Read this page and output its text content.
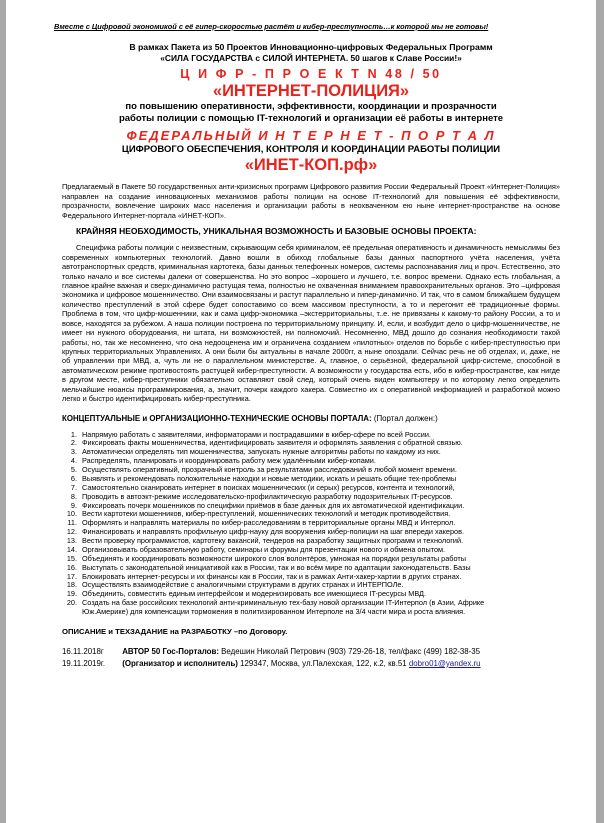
Вместе с Цифровой экономикой с её гипер-скоростью растёт и кибер-преступность…к которой мы не готовы!
В рамках Пакета из 50 Проектов Инновационно-цифровых Федеральных Программ
«СИЛА ГОСУДАРСТВА с СИЛОЙ ИНТЕРНЕТА. 50 шагов к Славе России!»
Ц И Ф Р - П Р О Е К Т N 48 / 50
«ИНТЕРНЕТ-ПОЛИЦИЯ»
по повышению оперативности, эффективности, координации и прозрачности
работы полиции с помощью IT-технологий и организации её работы в интернете
ФЕДЕРАЛЬНЫЙ И Н Т Е Р Н Е Т - П О Р Т А Л
ЦИФРОВОГО ОБЕСПЕЧЕНИЯ, КОНТРОЛЯ И КООРДИНАЦИИ РАБОТЫ ПОЛИЦИИ
«ИНЕТ-КОП.рф»
Предлагаемый в Пакете 50 государственных анти-кризисных программ Цифрового развития России Федеральный Проект «Интернет-Полиция» направлен на создание инновационных механизмов работы полиции на основе IT-технологий для повышения её эффективности, прозрачности, вовлечение широких масс населения и организации работы в неохваченном ею ныне интернет-пространстве на основе Федерального Интернет-портала «ИНЕТ-КОП».
КРАЙНЯЯ НЕОБХОДИМОСТЬ, УНИКАЛЬНАЯ ВОЗМОЖНОСТЬ И БАЗОВЫЕ ОСНОВЫ ПРОЕКТА:
Специфика работы полиции с неизвестным, скрывающим себя криминалом, её предельная оперативность и динамичность немыслимы без современных компьютерных технологий. Давно вошли в обиход глобальные базы данных паспортного учёта населения, учёта автотранспортных средств, криминальная картотека, базы данных телефонных номеров, системы распознавания лиц и проч. Естественно, это только начало и все системы далеки от совершенства. Но это вопрос –хорошего и лучшего, т.е. вопрос времени. Однако есть глобальная, а главное крайне важная и сверх-динамично растущая тема, полностью не охваченная вниманием правоохранительных органов. Это –цифровая экономика и цифровое мошенничество. Они взаимосвязаны и растут параллельно и гипер-динамично. И так, что в самом ближайшем будущем количество преступлений в этой сфере будет сопоставимо со всем массивом преступности, а то и перегонит её традиционные формы. Проблема в том, что цифр-мошенники, как и сама цифр-экономика –экстерриториальны, т..е. не привязаны к какому-то району России, а то и вовсе, находятся за рубежом. А наша полиции построена по территориальному принципу. И, если, и возбудит дело о цифр-мошенничестве, не имеет ни нужного оборудования, ни штата, ни возможностей, ни полномочий. Несомненно, МВД дошло до сознания необходимости такой работы, но, так же несомненно, что она недооценена им и ограничена созданием «пилотных» отделов по борьбе с кибер-преступностью при крупных территориальных Управлениях. А они были бы актуальны в начале 2000гг, а ныне опоздали. Сейчас речь не об отделах, и, даже, не об управлении при МВД, а, чуть ли не о параллельном министерстве. А, главное, о серьёзной, федеральной цифр-системе, способной в автоматическом режиме противостоять растущей кибер-преступности. А возможности у государства есть, ибо в кибер-пространстве, как нигде в другом месте, кибер-преступники обязательно оставляют свой след, который очень виден компьютеру и по которому легко определить мельчайшие нюансы программирования, а, значит, почерк каждого хакера. Совместно их с оперативной информацией и разработкой можно легко и быстро идентифицировать кибер-преступника.
КОНЦЕПТУАЛЬНЫЕ и ОРГАНИЗАЦИОННО-ТЕХНИЧЕСКИЕ ОСНОВЫ ПОРТАЛА: (Портал должен:)
1. Напрямую работать с заявителями, информаторами и пострадавшими в кибер-сфере по всей России.
2. Фиксировать факты мошенничества, идентифицировать заявителя и оформлять заявления с обратной связью.
3. Автоматически определять тип мошенничества, запускать нужные алгоритмы работы по каждому из них.
4. Распределять, планировать и координировать работу меж удалёнными кибер-копами.
5. Осуществлять оперативный, прозрачный контроль за результатами расследований в любой момент времени.
6. Выявлять и рекомендовать положительные находки и новые методики, искать и решать общие тех-проблемы
7. Самостоятельно сканировать интернет в поисках мошеннических (и серых) ресурсов, контента и технологий,
8. Проводить в автоэкт-режиме исследовательско-профилактическую разработку подозрительных IT-ресурсов.
9. Фиксировать почерк мошенников по специфики приёмов в базе данных для их автоматической идентификации.
10. Вести картотеки мошенников, кибер-преступлений, мошеннических технологий и методик противодействия.
11. Оформлять и направлять материалы по кибер-расследованиям в территориальные органы МВД и Интерпол.
12. Финансировать и направлять профильную цифр-науку для вооружения кибер-полиции на шаг впереди хакеров.
13. Вести проверку программистов, картотеку вакансий, тендеров на разработку защитных программ и технологий.
14. Организовывать образовательную работу, семинары и форумы для презентации нового и обмена опытом.
15. Объединять и координировать возможности широкого слоя волонтёров, умножая на порядки результаты работы
16. Выступать с законодательной инициативой как в России, так и во всём мире по адаптации законодательств. Базы
17. Блокировать интернет-ресурсы и их финансы как в России, так и в рамках Анти-хакер-хартии в других странах.
18. Осуществлять взаимодействие с аналогичными структурами в других странах и ИНТЕРПОЛе.
19. Объединить, совместить единым интерфейсом и модернизировать все имеющиеся IT-ресурсы МВД.
20. Создать на базе российских технологий анти-криминальную тех-базу новой организации IT-Интерпол (в Азии, Африке
Юж.Америке) для компенсации торможения в политизированном Интерполе на 3/4 части мира и роста влияния.
ОПИСАНИЕ и ТЕХЗАДАНИЕ на РАЗРАБОТКУ –по Договору.
16.11.2018г АВТОР 50 Гос-Порталов: Ведешин Николай Петрович (903) 729-26-18, тел/факс (499) 182-38-35
19.11.2019г. (Организатор и исполнитель) 129347, Москва, ул.Палехская, 122, к.2, кв.51 dobro01@yandex.ru
